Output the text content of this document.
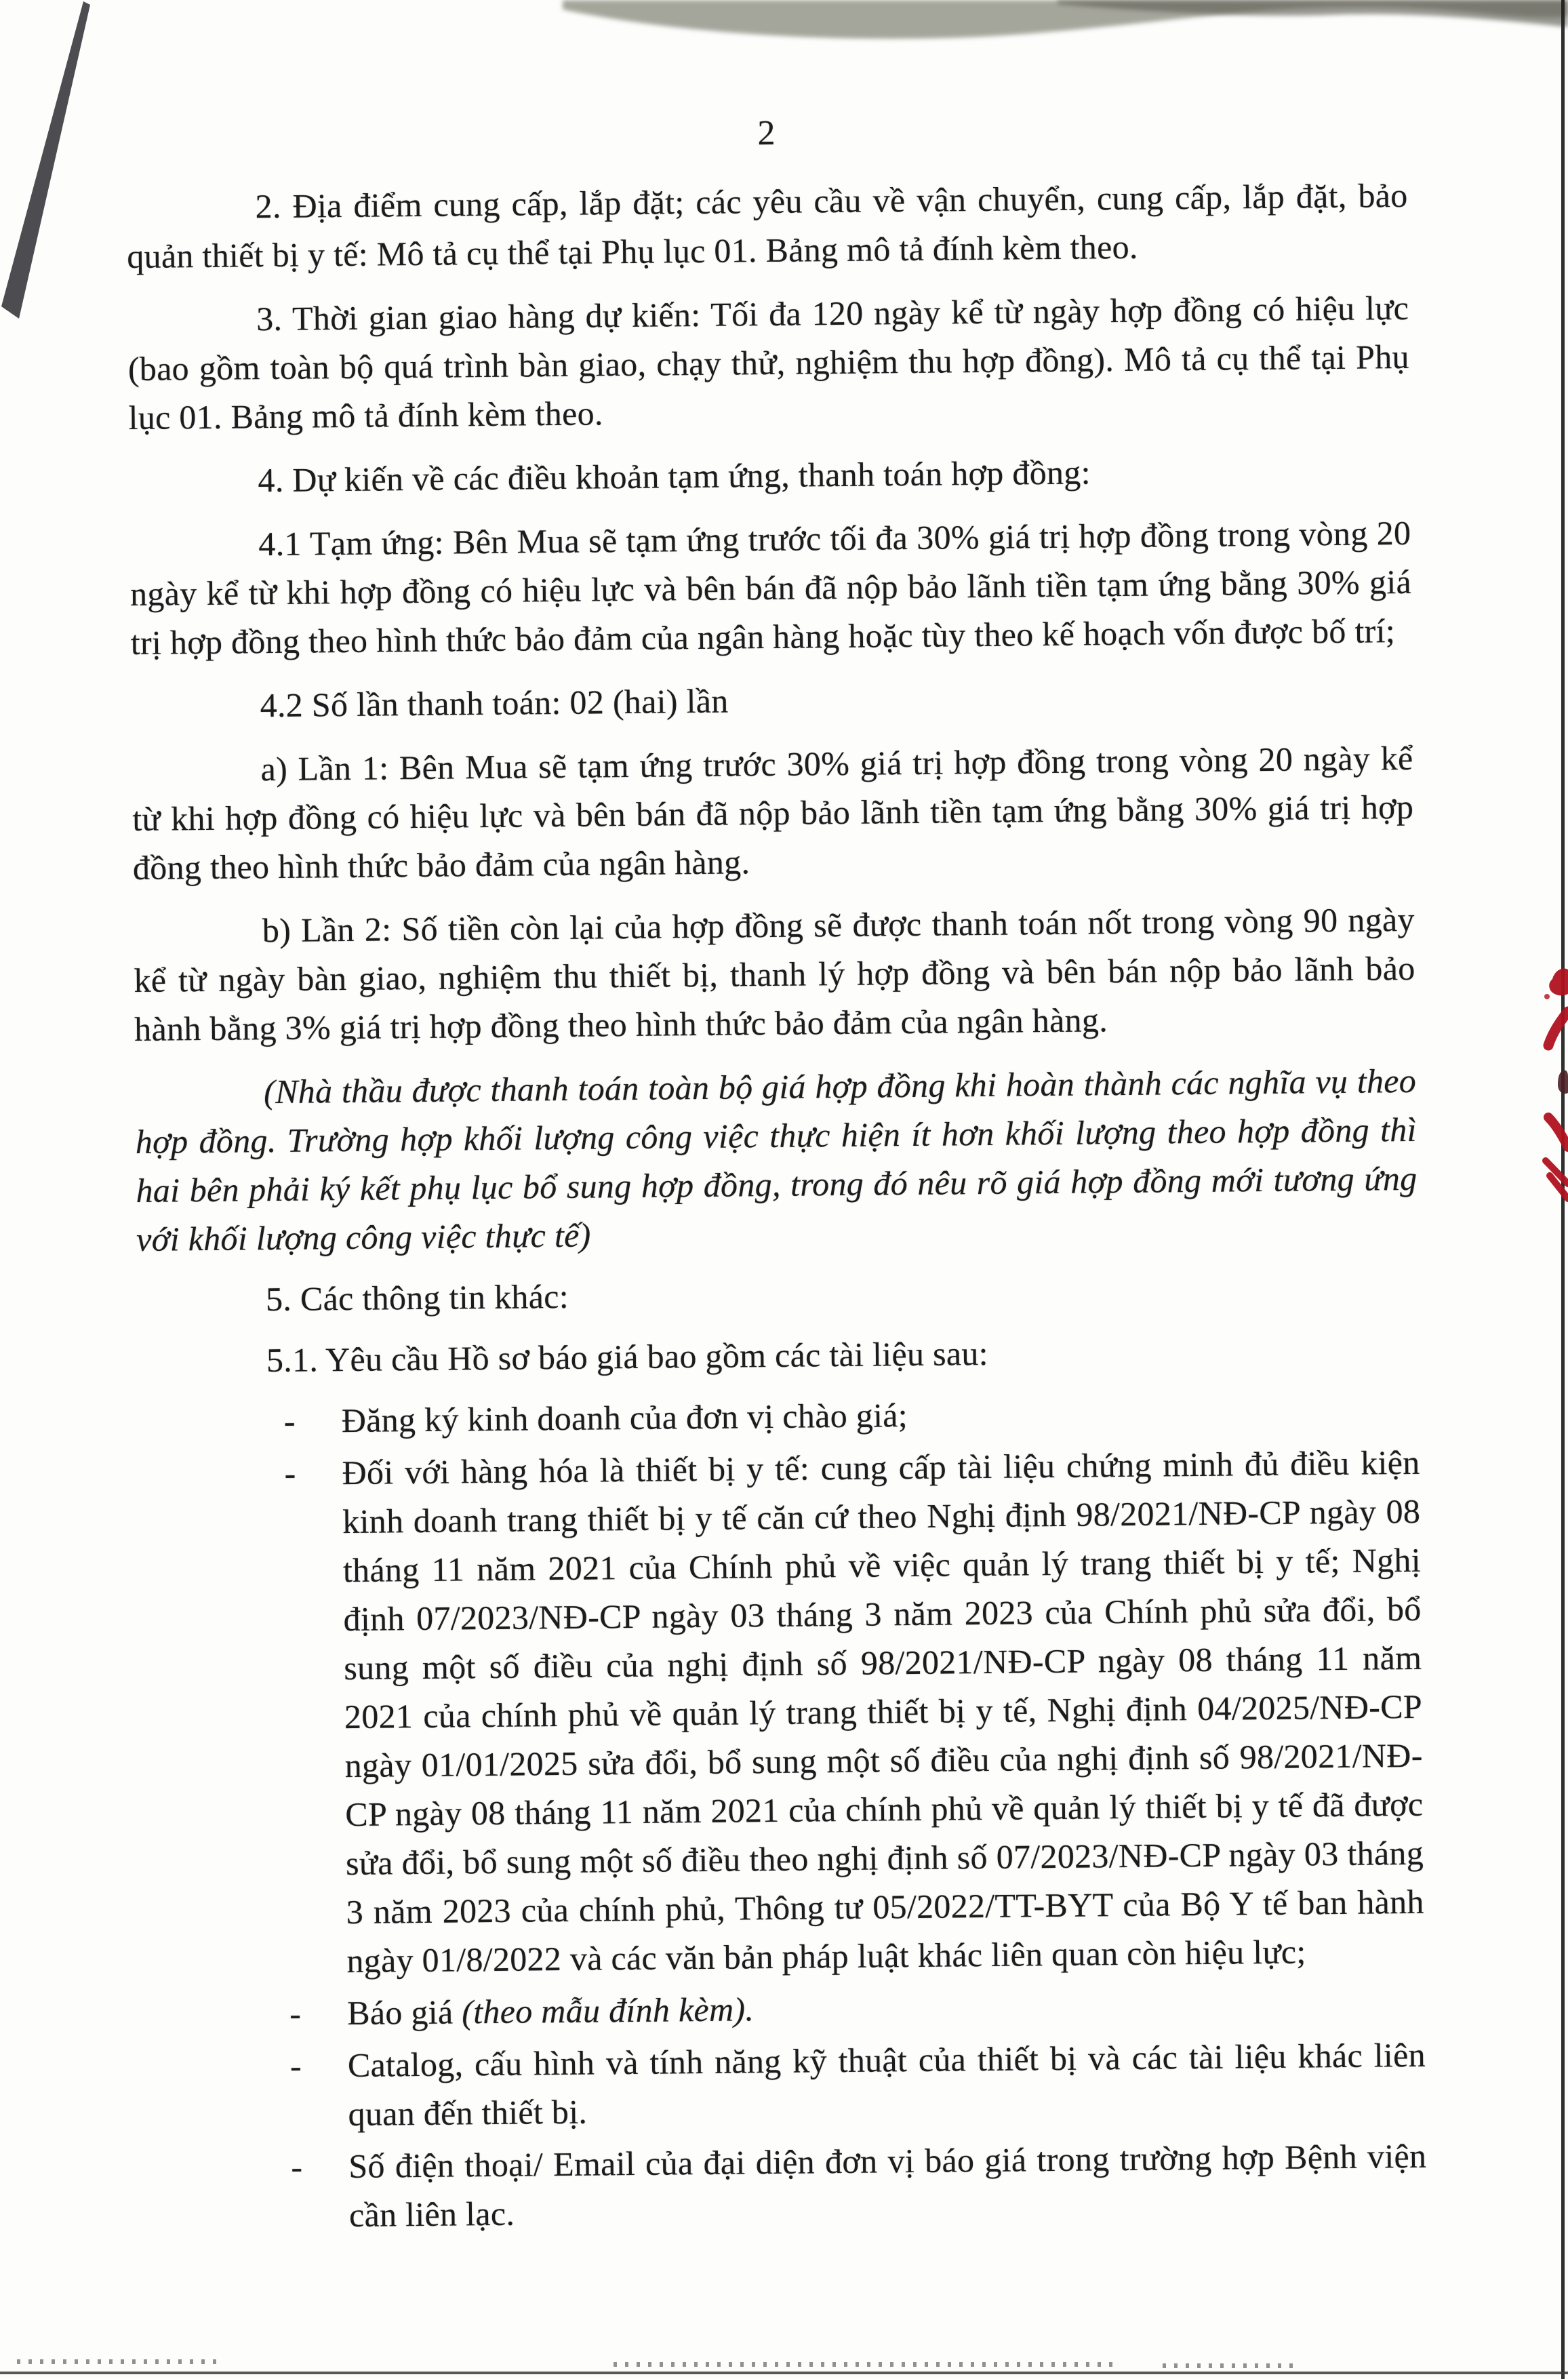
2

2. Địa điểm cung cấp, lắp đặt; các yêu cầu về vận chuyển, cung cấp, lắp đặt, bảo quản thiết bị y tế: Mô tả cụ thể tại Phụ lục 01. Bảng mô tả đính kèm theo.

3. Thời gian giao hàng dự kiến: Tối đa 120 ngày kể từ ngày hợp đồng có hiệu lực (bao gồm toàn bộ quá trình bàn giao, chạy thử, nghiệm thu hợp đồng). Mô tả cụ thể tại Phụ lục 01. Bảng mô tả đính kèm theo.

4. Dự kiến về các điều khoản tạm ứng, thanh toán hợp đồng:

4.1 Tạm ứng: Bên Mua sẽ tạm ứng trước tối đa 30% giá trị hợp đồng trong vòng 20 ngày kể từ khi hợp đồng có hiệu lực và bên bán đã nộp bảo lãnh tiền tạm ứng bằng 30% giá trị hợp đồng theo hình thức bảo đảm của ngân hàng hoặc tùy theo kế hoạch vốn được bố trí;

4.2 Số lần thanh toán: 02 (hai) lần

a) Lần 1: Bên Mua sẽ tạm ứng trước 30% giá trị hợp đồng trong vòng 20 ngày kể từ khi hợp đồng có hiệu lực và bên bán đã nộp bảo lãnh tiền tạm ứng bằng 30% giá trị hợp đồng theo hình thức bảo đảm của ngân hàng.

b) Lần 2: Số tiền còn lại của hợp đồng sẽ được thanh toán nốt trong vòng 90 ngày kể từ ngày bàn giao, nghiệm thu thiết bị, thanh lý hợp đồng và bên bán nộp bảo lãnh bảo hành bằng 3% giá trị hợp đồng theo hình thức bảo đảm của ngân hàng.

(Nhà thầu được thanh toán toàn bộ giá hợp đồng khi hoàn thành các nghĩa vụ theo hợp đồng. Trường hợp khối lượng công việc thực hiện ít hơn khối lượng theo hợp đồng thì hai bên phải ký kết phụ lục bổ sung hợp đồng, trong đó nêu rõ giá hợp đồng mới tương ứng với khối lượng công việc thực tế)

5. Các thông tin khác:

5.1. Yêu cầu Hồ sơ báo giá bao gồm các tài liệu sau:

-	Đăng ký kinh doanh của đơn vị chào giá;
-	Đối với hàng hóa là thiết bị y tế: cung cấp tài liệu chứng minh đủ điều kiện kinh doanh trang thiết bị y tế căn cứ theo Nghị định 98/2021/NĐ-CP ngày 08 tháng 11 năm 2021 của Chính phủ về việc quản lý trang thiết bị y tế; Nghị định 07/2023/NĐ-CP ngày 03 tháng 3 năm 2023 của Chính phủ sửa đổi, bổ sung một số điều của nghị định số 98/2021/NĐ-CP ngày 08 tháng 11 năm 2021 của chính phủ về quản lý trang thiết bị y tế, Nghị định 04/2025/NĐ-CP ngày 01/01/2025 sửa đổi, bổ sung một số điều của nghị định số 98/2021/NĐ-CP ngày 08 tháng 11 năm 2021 của chính phủ về quản lý thiết bị y tế đã được sửa đổi, bổ sung một số điều theo nghị định số 07/2023/NĐ-CP ngày 03 tháng 3 năm 2023 của chính phủ, Thông tư 05/2022/TT-BYT của Bộ Y tế ban hành ngày 01/8/2022 và các văn bản pháp luật khác liên quan còn hiệu lực;
-	Báo giá (theo mẫu đính kèm).
-	Catalog, cấu hình và tính năng kỹ thuật của thiết bị và các tài liệu khác liên quan đến thiết bị.
-	Số điện thoại/ Email của đại diện đơn vị báo giá trong trường hợp Bệnh viện cần liên lạc.
